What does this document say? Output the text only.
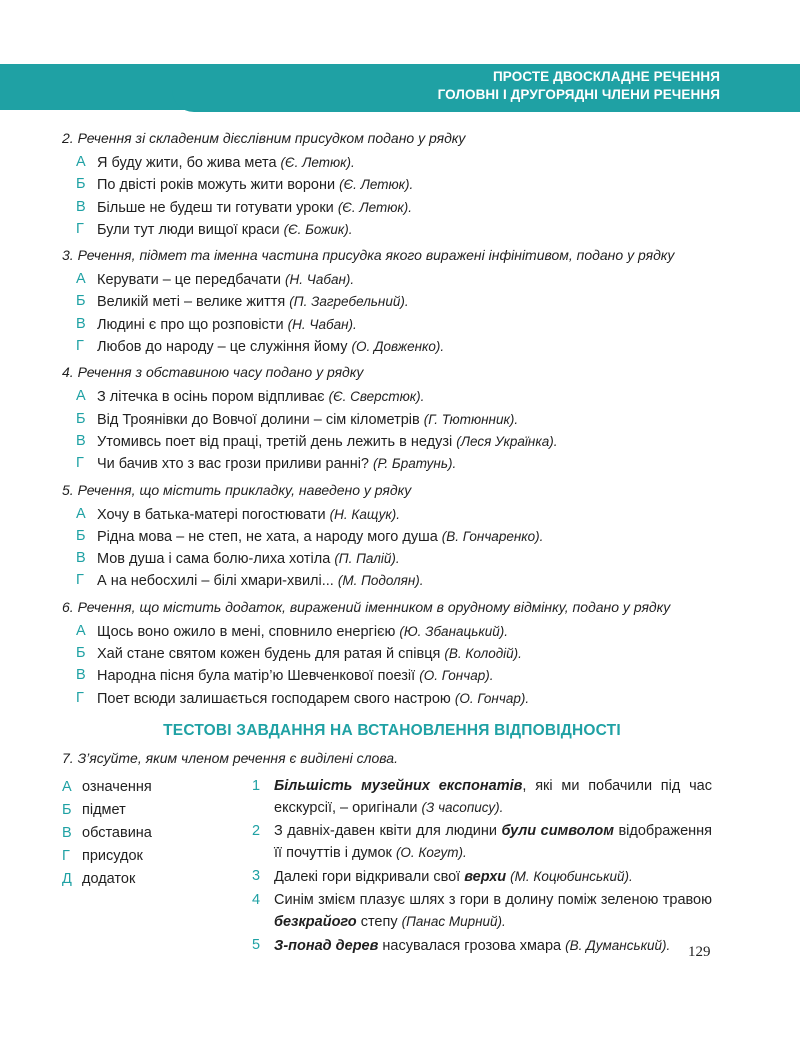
ПРОСТЕ ДВОСКЛАДНЕ РЕЧЕННЯ
ГОЛОВНІ І ДРУГОРЯДНІ ЧЛЕНИ РЕЧЕННЯ
2. Речення зі складеним дієслівним присудком подано у рядку
А Я буду жити, бо жива мета (Є. Летюк).
Б По двісті років можуть жити ворони (Є. Летюк).
В Більше не будеш ти готувати уроки (Є. Летюк).
Г Були тут люди вищої краси (Є. Божик).
3. Речення, підмет та іменна частина присудка якого виражені інфінітивом, подано у рядку
А Керувати – це передбачати (Н. Чабан).
Б Великій меті – велике життя (П. Загребельний).
В Людині є про що розповісти (Н. Чабан).
Г Любов до народу – це служіння йому (О. Довженко).
4. Речення з обставиною часу подано у рядку
А З літечка в осінь пором відпливає (Є. Сверстюк).
Б Від Троянівки до Вовчої долини – сім кілометрів (Г. Тютюнник).
В Утомивсь поет від праці, третій день лежить в недузі (Леся Українка).
Г Чи бачив хто з вас грози приливи ранні? (Р. Братунь).
5. Речення, що містить прикладку, наведено у рядку
А Хочу в батька-матері погостювати (Н. Кащук).
Б Рідна мова – не степ, не хата, а народу мого душа (В. Гончаренко).
В Мов душа і сама болю-лиха хотіла (П. Палій).
Г А на небосхилі – білі хмари-хвилі... (М. Подолян).
6. Речення, що містить додаток, виражений іменником в орудному відмінку, подано у рядку
А Щось воно ожило в мені, сповнило енергією (Ю. Збанацький).
Б Хай стане святом кожен будень для ратая й співця (В. Колодій).
В Народна пісня була матір’ю Шевченкової поезії (О. Гончар).
Г Поет всюди залишається господарем свого настрою (О. Гончар).
ТЕСТОВІ ЗАВДАННЯ НА ВСТАНОВЛЕННЯ ВІДПОВІДНОСТІ
7. З’ясуйте, яким членом речення є виділені слова.
А означення
Б підмет
В обставина
Г присудок
Д додаток
1 Більшість музейних експонатів, які ми побачили під час екскурсії, – оригінали (З часопису).
2 З давніх-давен квіти для людини були символом відображення її почуттів і думок (О. Когут).
3 Далекі гори відкривали свої верхи (М. Коцюбинський).
4 Синім змієм плазує шлях з гори в долину поміж зеленою травою безкрайого степу (Панас Мирний).
5 З-понад дерев насувалася грозова хмара (В. Думанський).	129
